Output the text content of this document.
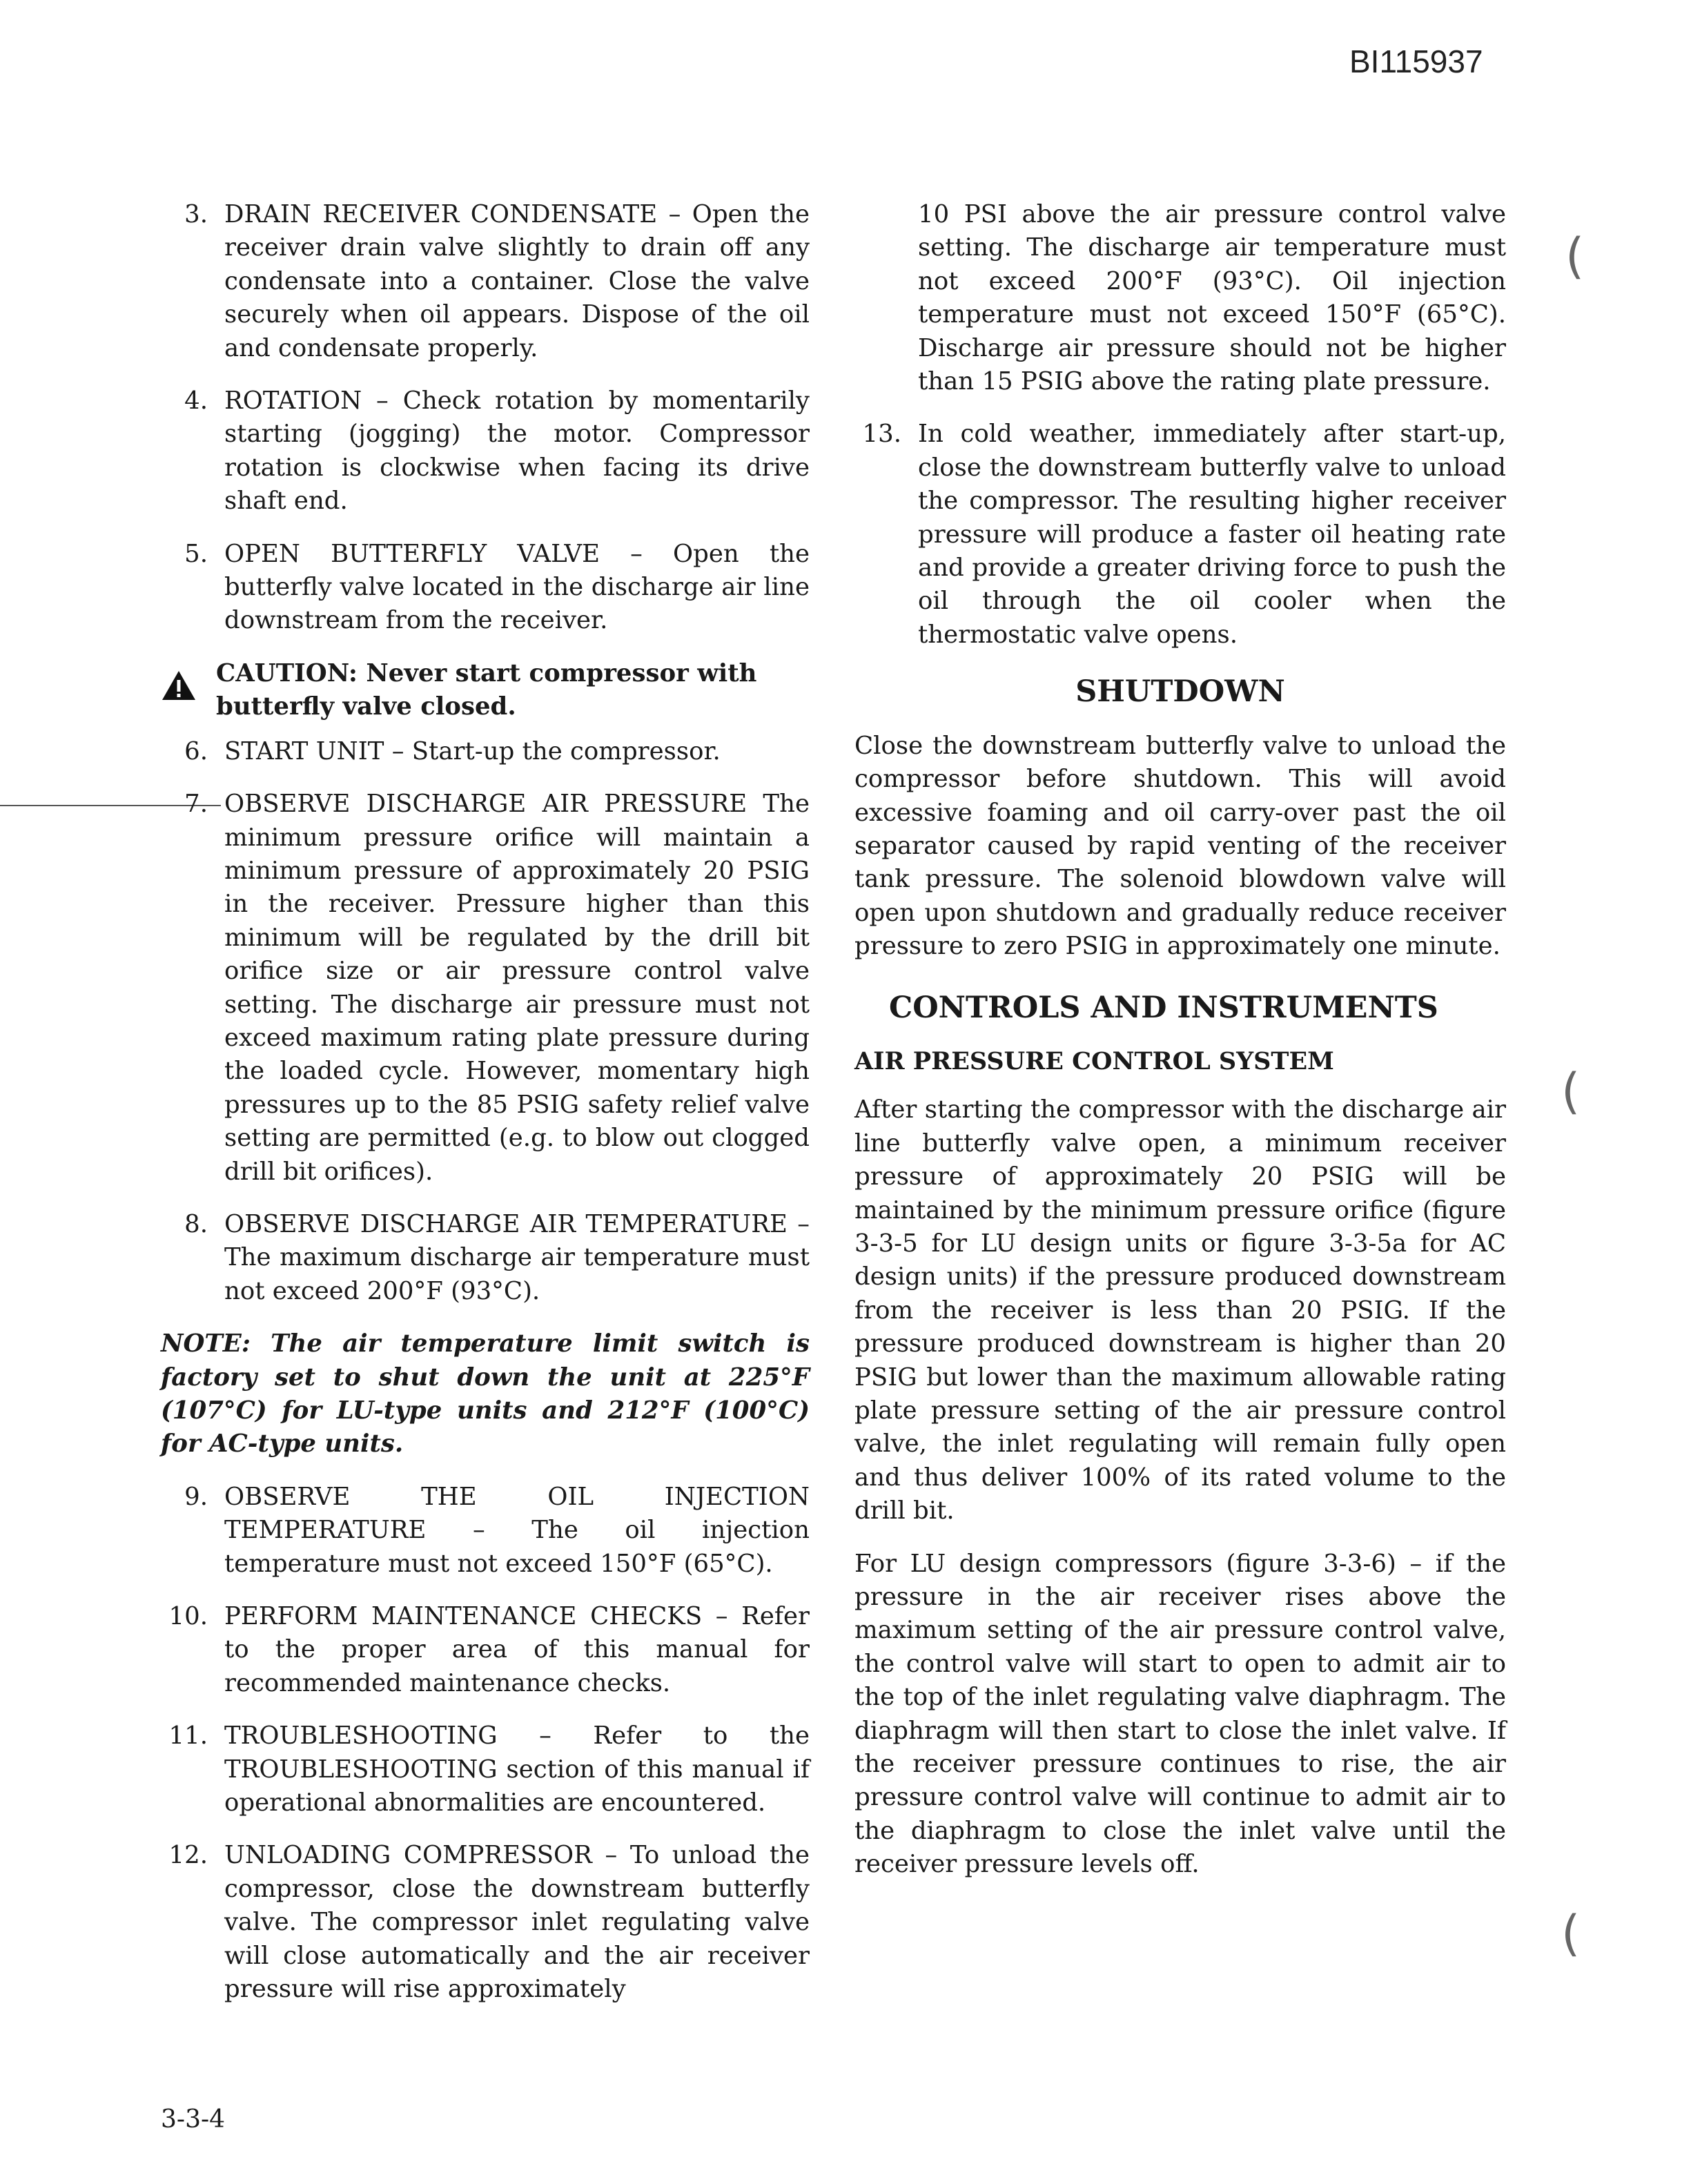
BI115937
(
(
(
3. DRAIN RECEIVER CONDENSATE – Open the receiver drain valve slightly to drain off any condensate into a container. Close the valve securely when oil appears. Dispose of the oil and condensate properly.
4. ROTATION – Check rotation by momentarily starting (jogging) the motor. Compressor rotation is clockwise when facing its drive shaft end.
5. OPEN BUTTERFLY VALVE – Open the butterfly valve located in the discharge air line downstream from the receiver.
CAUTION: Never start compressor with butterfly valve closed.
6. START UNIT – Start-up the compressor.
7. OBSERVE DISCHARGE AIR PRESSURE The minimum pressure orifice will maintain a minimum pressure of approximately 20 PSIG in the receiver. Pressure higher than this minimum will be regulated by the drill bit orifice size or air pressure control valve setting. The discharge air pressure must not exceed maximum rating plate pressure during the loaded cycle. However, momentary high pressures up to the 85 PSIG safety relief valve setting are permitted (e.g. to blow out clogged drill bit orifices).
8. OBSERVE DISCHARGE AIR TEMPERATURE – The maximum discharge air temperature must not exceed 200°F (93°C).
NOTE: The air temperature limit switch is factory set to shut down the unit at 225°F (107°C) for LU-type units and 212°F (100°C) for AC-type units.
9. OBSERVE THE OIL INJECTION TEMPERATURE – The oil injection temperature must not exceed 150°F (65°C).
10. PERFORM MAINTENANCE CHECKS – Refer to the proper area of this manual for recommended maintenance checks.
11. TROUBLESHOOTING – Refer to the TROUBLESHOOTING section of this manual if operational abnormalities are encountered.
12. UNLOADING COMPRESSOR – To unload the compressor, close the downstream butterfly valve. The compressor inlet regulating valve will close automatically and the air receiver pressure will rise approximately
10 PSI above the air pressure control valve setting. The discharge air temperature must not exceed 200°F (93°C). Oil injection temperature must not exceed 150°F (65°C). Discharge air pressure should not be higher than 15 PSIG above the rating plate pressure.
13. In cold weather, immediately after start-up, close the downstream butterfly valve to unload the compressor. The resulting higher receiver pressure will produce a faster oil heating rate and provide a greater driving force to push the oil through the oil cooler when the thermostatic valve opens.
SHUTDOWN

Close the downstream butterfly valve to unload the compressor before shutdown. This will avoid excessive foaming and oil carry-over past the oil separator caused by rapid venting of the receiver tank pressure. The solenoid blowdown valve will open upon shutdown and gradually reduce receiver pressure to zero PSIG in approximately one minute.

CONTROLS AND INSTRUMENTS
AIR PRESSURE CONTROL SYSTEM

After starting the compressor with the discharge air line butterfly valve open, a minimum receiver pressure of approximately 20 PSIG will be maintained by the minimum pressure orifice (figure 3-3-5 for LU design units or figure 3-3-5a for AC design units) if the pressure produced downstream from the receiver is less than 20 PSIG. If the pressure produced downstream is higher than 20 PSIG but lower than the maximum allowable rating plate pressure setting of the air pressure control valve, the inlet regulating will remain fully open and thus deliver 100% of its rated volume to the drill bit.

For LU design compressors (figure 3-3-6) – if the pressure in the air receiver rises above the maximum setting of the air pressure control valve, the control valve will start to open to admit air to the top of the inlet regulating valve diaphragm. The diaphragm will then start to close the inlet valve. If the receiver pressure continues to rise, the air pressure control valve will continue to admit air to the diaphragm to close the inlet valve until the receiver pressure levels off.

3-3-4
